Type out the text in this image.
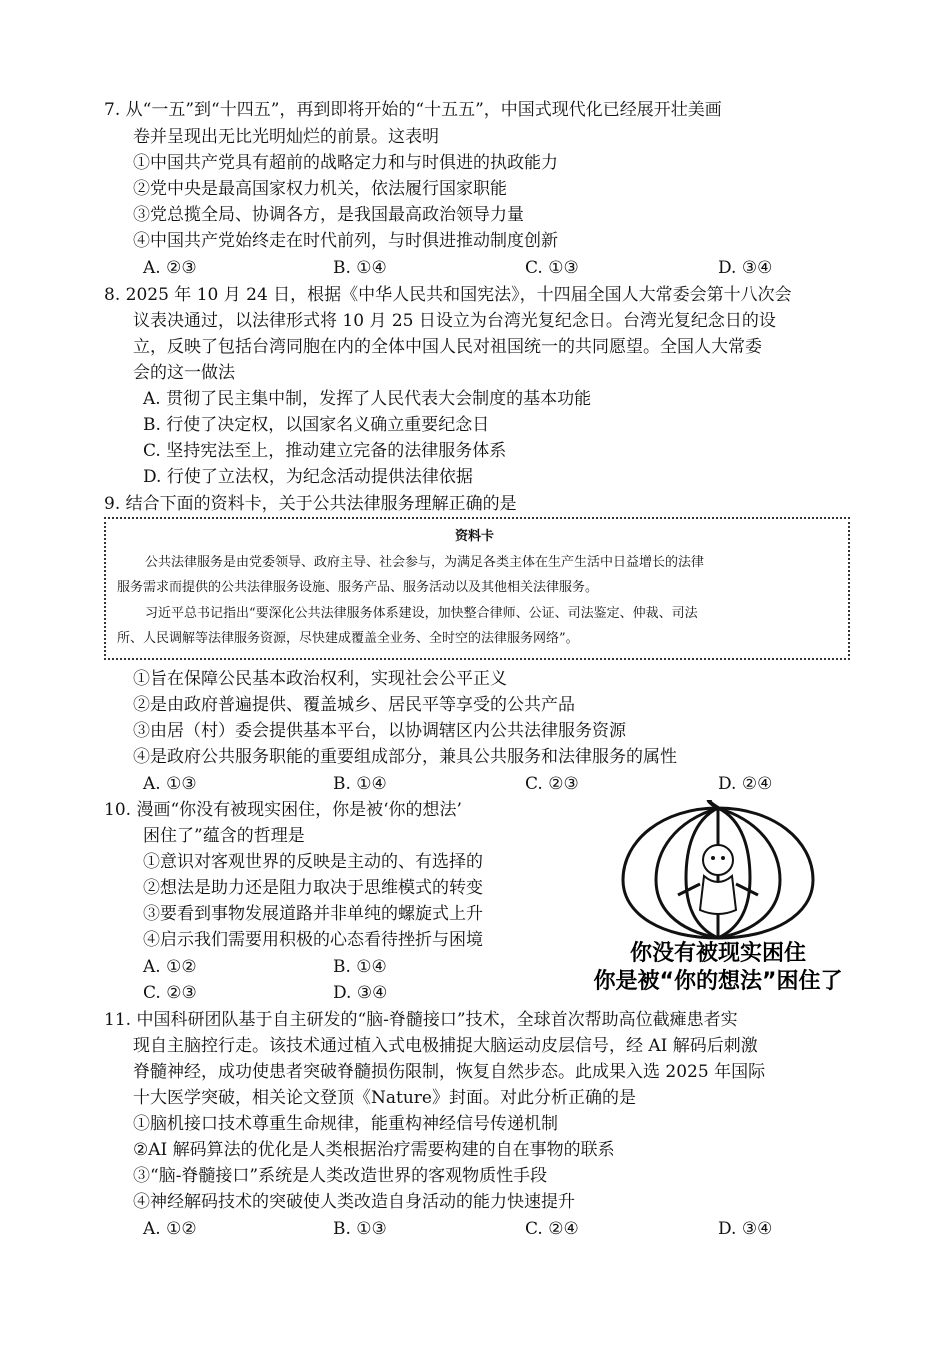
7. 从“一五”到“十四五”，再到即将开始的“十五五”，中国式现代化已经展开壮美画
卷并呈现出无比光明灿烂的前景。这表明
①中国共产党具有超前的战略定力和与时俱进的执政能力
②党中央是最高国家权力机关，依法履行国家职能
③党总揽全局、协调各方，是我国最高政治领导力量
④中国共产党始终走在时代前列，与时俱进推动制度创新
A. ②③	B. ①④	C. ①③	D. ③④
8. 2025 年 10 月 24 日，根据《中华人民共和国宪法》，十四届全国人大常委会第十八次会
议表决通过，以法律形式将 10 月 25 日设立为台湾光复纪念日。台湾光复纪念日的设
立，反映了包括台湾同胞在内的全体中国人民对祖国统一的共同愿望。全国人大常委
会的这一做法
A. 贯彻了民主集中制，发挥了人民代表大会制度的基本功能
B. 行使了决定权，以国家名义确立重要纪念日
C. 坚持宪法至上，推动建立完备的法律服务体系
D. 行使了立法权，为纪念活动提供法律依据
9. 结合下面的资料卡，关于公共法律服务理解正确的是
资料卡
公共法律服务是由党委领导、政府主导、社会参与，为满足各类主体在生产生活中日益增长的法律
服务需求而提供的公共法律服务设施、服务产品、服务活动以及其他相关法律服务。
习近平总书记指出“要深化公共法律服务体系建设，加快整合律师、公证、司法鉴定、仲裁、司法
所、人民调解等法律服务资源，尽快建成覆盖全业务、全时空的法律服务网络”。
①旨在保障公民基本政治权利，实现社会公平正义
②是由政府普遍提供、覆盖城乡、居民平等享受的公共产品
③由居（村）委会提供基本平台，以协调辖区内公共法律服务资源
④是政府公共服务职能的重要组成部分，兼具公共服务和法律服务的属性
A. ①③	B. ①④	C. ②③	D. ②④
10. 漫画“你没有被现实困住，你是被‘你的想法’
困住了”蕴含的哲理是
①意识对客观世界的反映是主动的、有选择的
②想法是助力还是阻力取决于思维模式的转变
③要看到事物发展道路并非单纯的螺旋式上升
④启示我们需要用积极的心态看待挫折与困境
A. ①②	B. ①④
C. ②③	D. ③④
你没有被现实困住
你是被“你的想法”困住了
11. 中国科研团队基于自主研发的“脑-脊髓接口”技术，全球首次帮助高位截瘫患者实
现自主脑控行走。该技术通过植入式电极捕捉大脑运动皮层信号，经 AI 解码后刺激
脊髓神经，成功使患者突破脊髓损伤限制，恢复自然步态。此成果入选 2025 年国际
十大医学突破，相关论文登顶《Nature》封面。对此分析正确的是
①脑机接口技术尊重生命规律，能重构神经信号传递机制
②AI 解码算法的优化是人类根据治疗需要构建的自在事物的联系
③“脑-脊髓接口”系统是人类改造世界的客观物质性手段
④神经解码技术的突破使人类改造自身活动的能力快速提升
A. ①②	B. ①③	C. ②④	D. ③④
